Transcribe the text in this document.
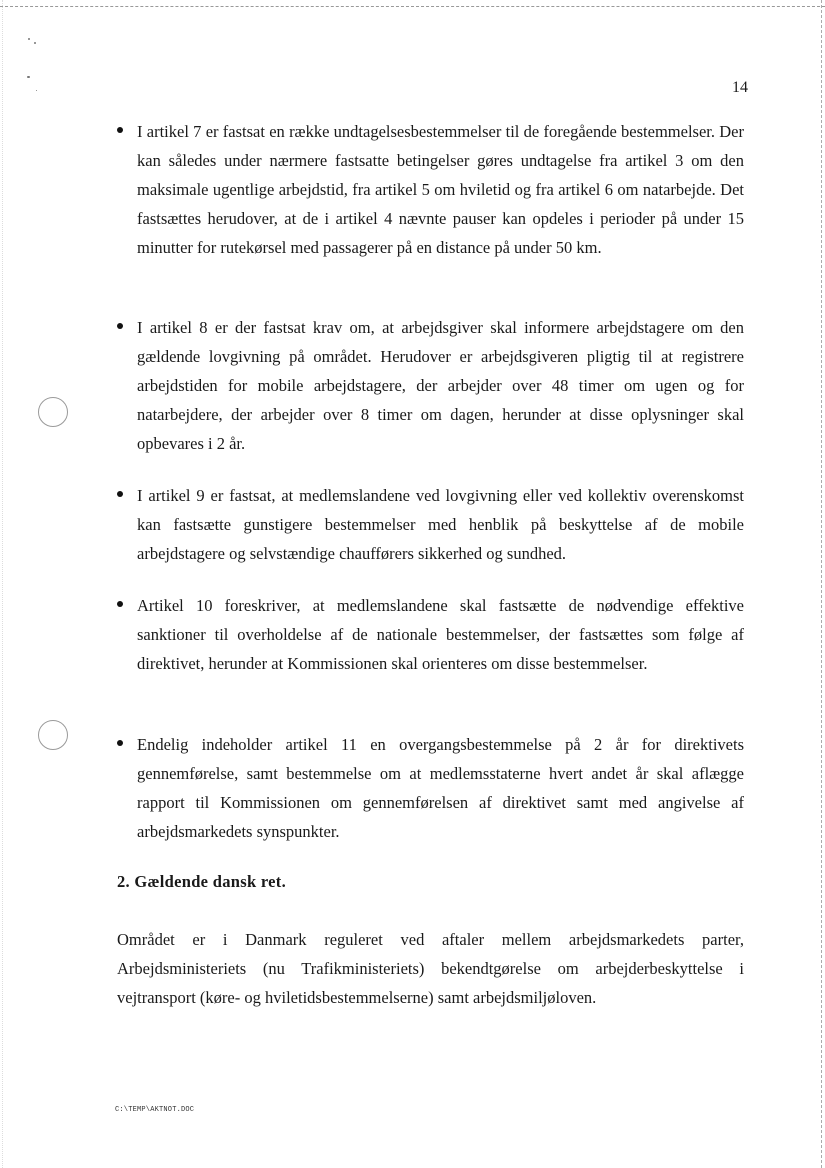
14

I artikel 7 er fastsat en række undtagelsesbestemmelser til de foregående bestemmelser. Der kan således under nærmere fastsatte betingelser gøres undtagelse fra artikel 3 om den maksimale ugentlige arbejdstid, fra artikel 5 om hviletid og fra artikel 6 om natarbejde. Det fastsættes herudover, at de i artikel 4 nævnte pauser kan opdeles i perioder på under 15 minutter for rutekørsel med passagerer på en distance på under 50 km.

I artikel 8 er der fastsat krav om, at arbejdsgiver skal informere arbejdstagere om den gældende lovgivning på området. Herudover er arbejdsgiveren pligtig til at registrere arbejdstiden for mobile arbejdstagere, der arbejder over 48 timer om ugen og for natarbejdere, der arbejder over 8 timer om dagen, herunder at disse oplysninger skal opbevares i 2 år.

I artikel 9 er fastsat, at medlemslandene ved lovgivning eller ved kollektiv overenskomst kan fastsætte gunstigere bestemmelser med henblik på beskyttelse af de mobile arbejdstagere og selvstændige chaufførers sikkerhed og sundhed.

Artikel 10 foreskriver, at medlemslandene skal fastsætte de nødvendige effektive sanktioner til overholdelse af de nationale bestemmelser, der fastsættes som følge af direktivet, herunder at Kommissionen skal orienteres om disse bestemmelser.

Endelig indeholder artikel 11 en overgangsbestemmelse på 2 år for direktivets gennemførelse, samt bestemmelse om at medlemsstaterne hvert andet år skal aflægge rapport til Kommissionen om gennemførelsen af direktivet samt med angivelse af arbejdsmarkedets synspunkter.

2. Gældende dansk ret.

Området er i Danmark reguleret ved aftaler mellem arbejdsmarkedets parter, Arbejdsministeriets (nu Trafikministeriets) bekendtgørelse om arbejderbeskyttelse i vejtransport (køre- og hviletidsbestemmelserne) samt arbejdsmiljøloven.

C:\TEMP\AKTNOT.DOC
